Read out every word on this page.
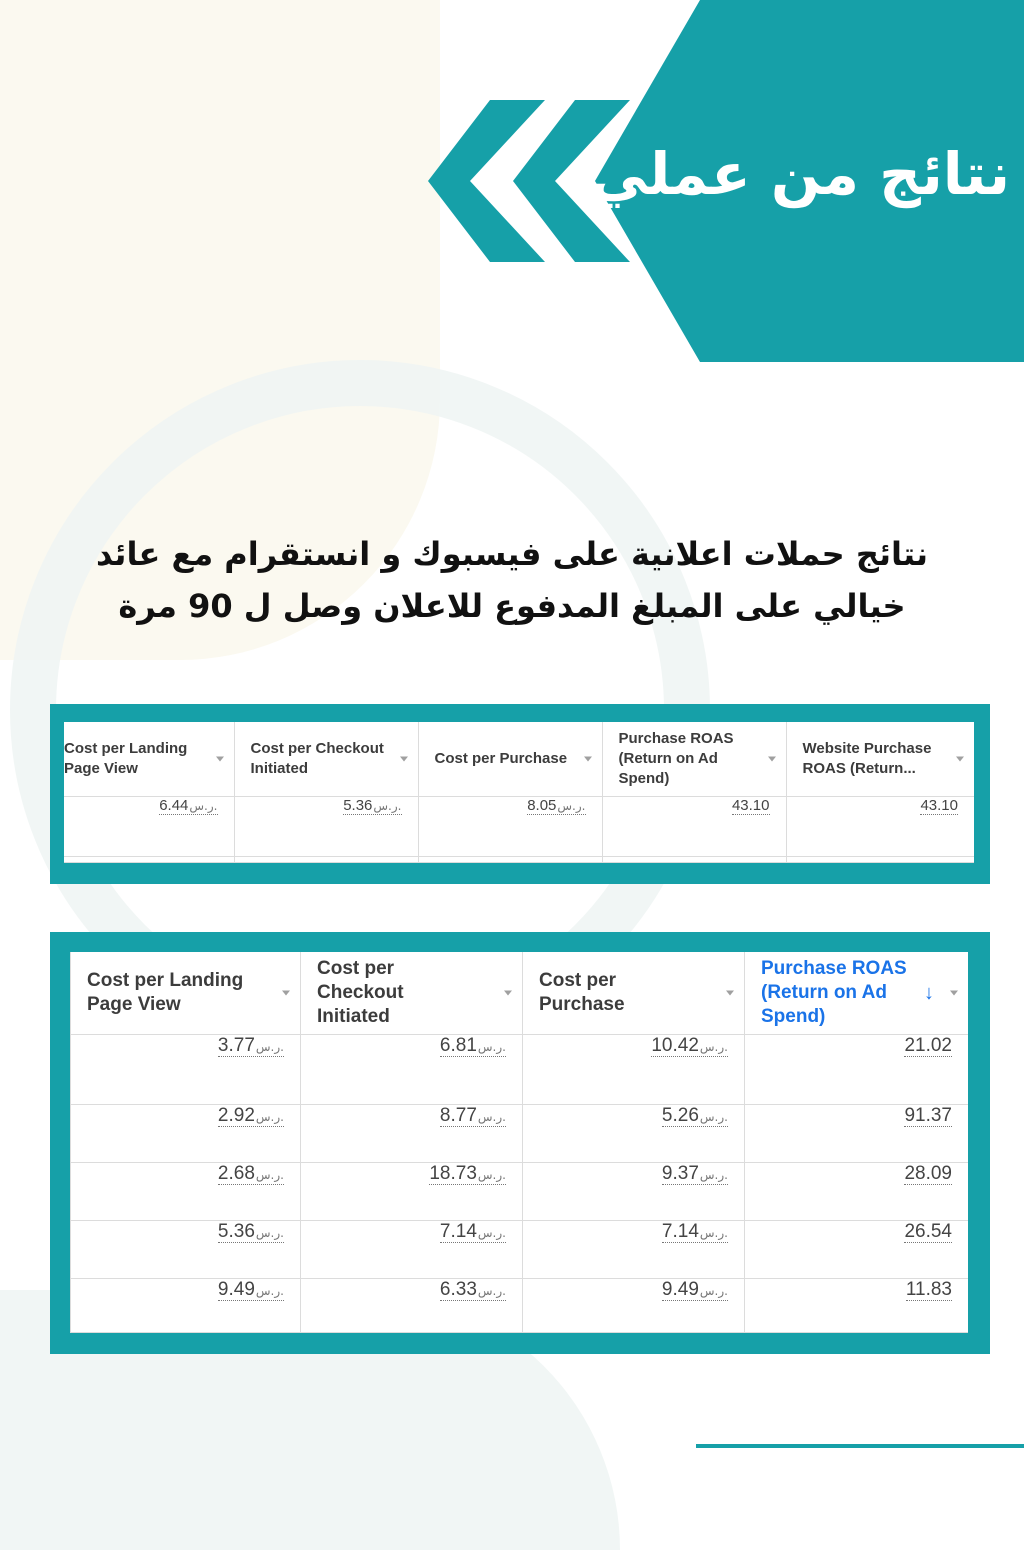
نتائج من عملي
نتائج حملات اعلانية على فيسبوك و انستقرام مع عائد
خيالي على المبلغ المدفوع للاعلان وصل ل 90 مرة
Cost per Landing Page View	Cost per Checkout Initiated	Cost per Purchase	Purchase ROAS (Return on Ad Spend)	Website Purchase ROAS (Return...

6.44ر.س.	5.36ر.س.	8.05ر.س.	43.10	43.10

Cost per Landing Page View	Cost per Checkout Initiated	Cost per Purchase	Purchase ROAS (Return on Ad Spend)
↓

3.77ر.س.	6.81ر.س.	10.42ر.س.	21.02
2.92ر.س.	8.77ر.س.	5.26ر.س.	91.37
2.68ر.س.	18.73ر.س.	9.37ر.س.	28.09
5.36ر.س.	7.14ر.س.	7.14ر.س.	26.54
9.49ر.س.	6.33ر.س.	9.49ر.س.	11.83
